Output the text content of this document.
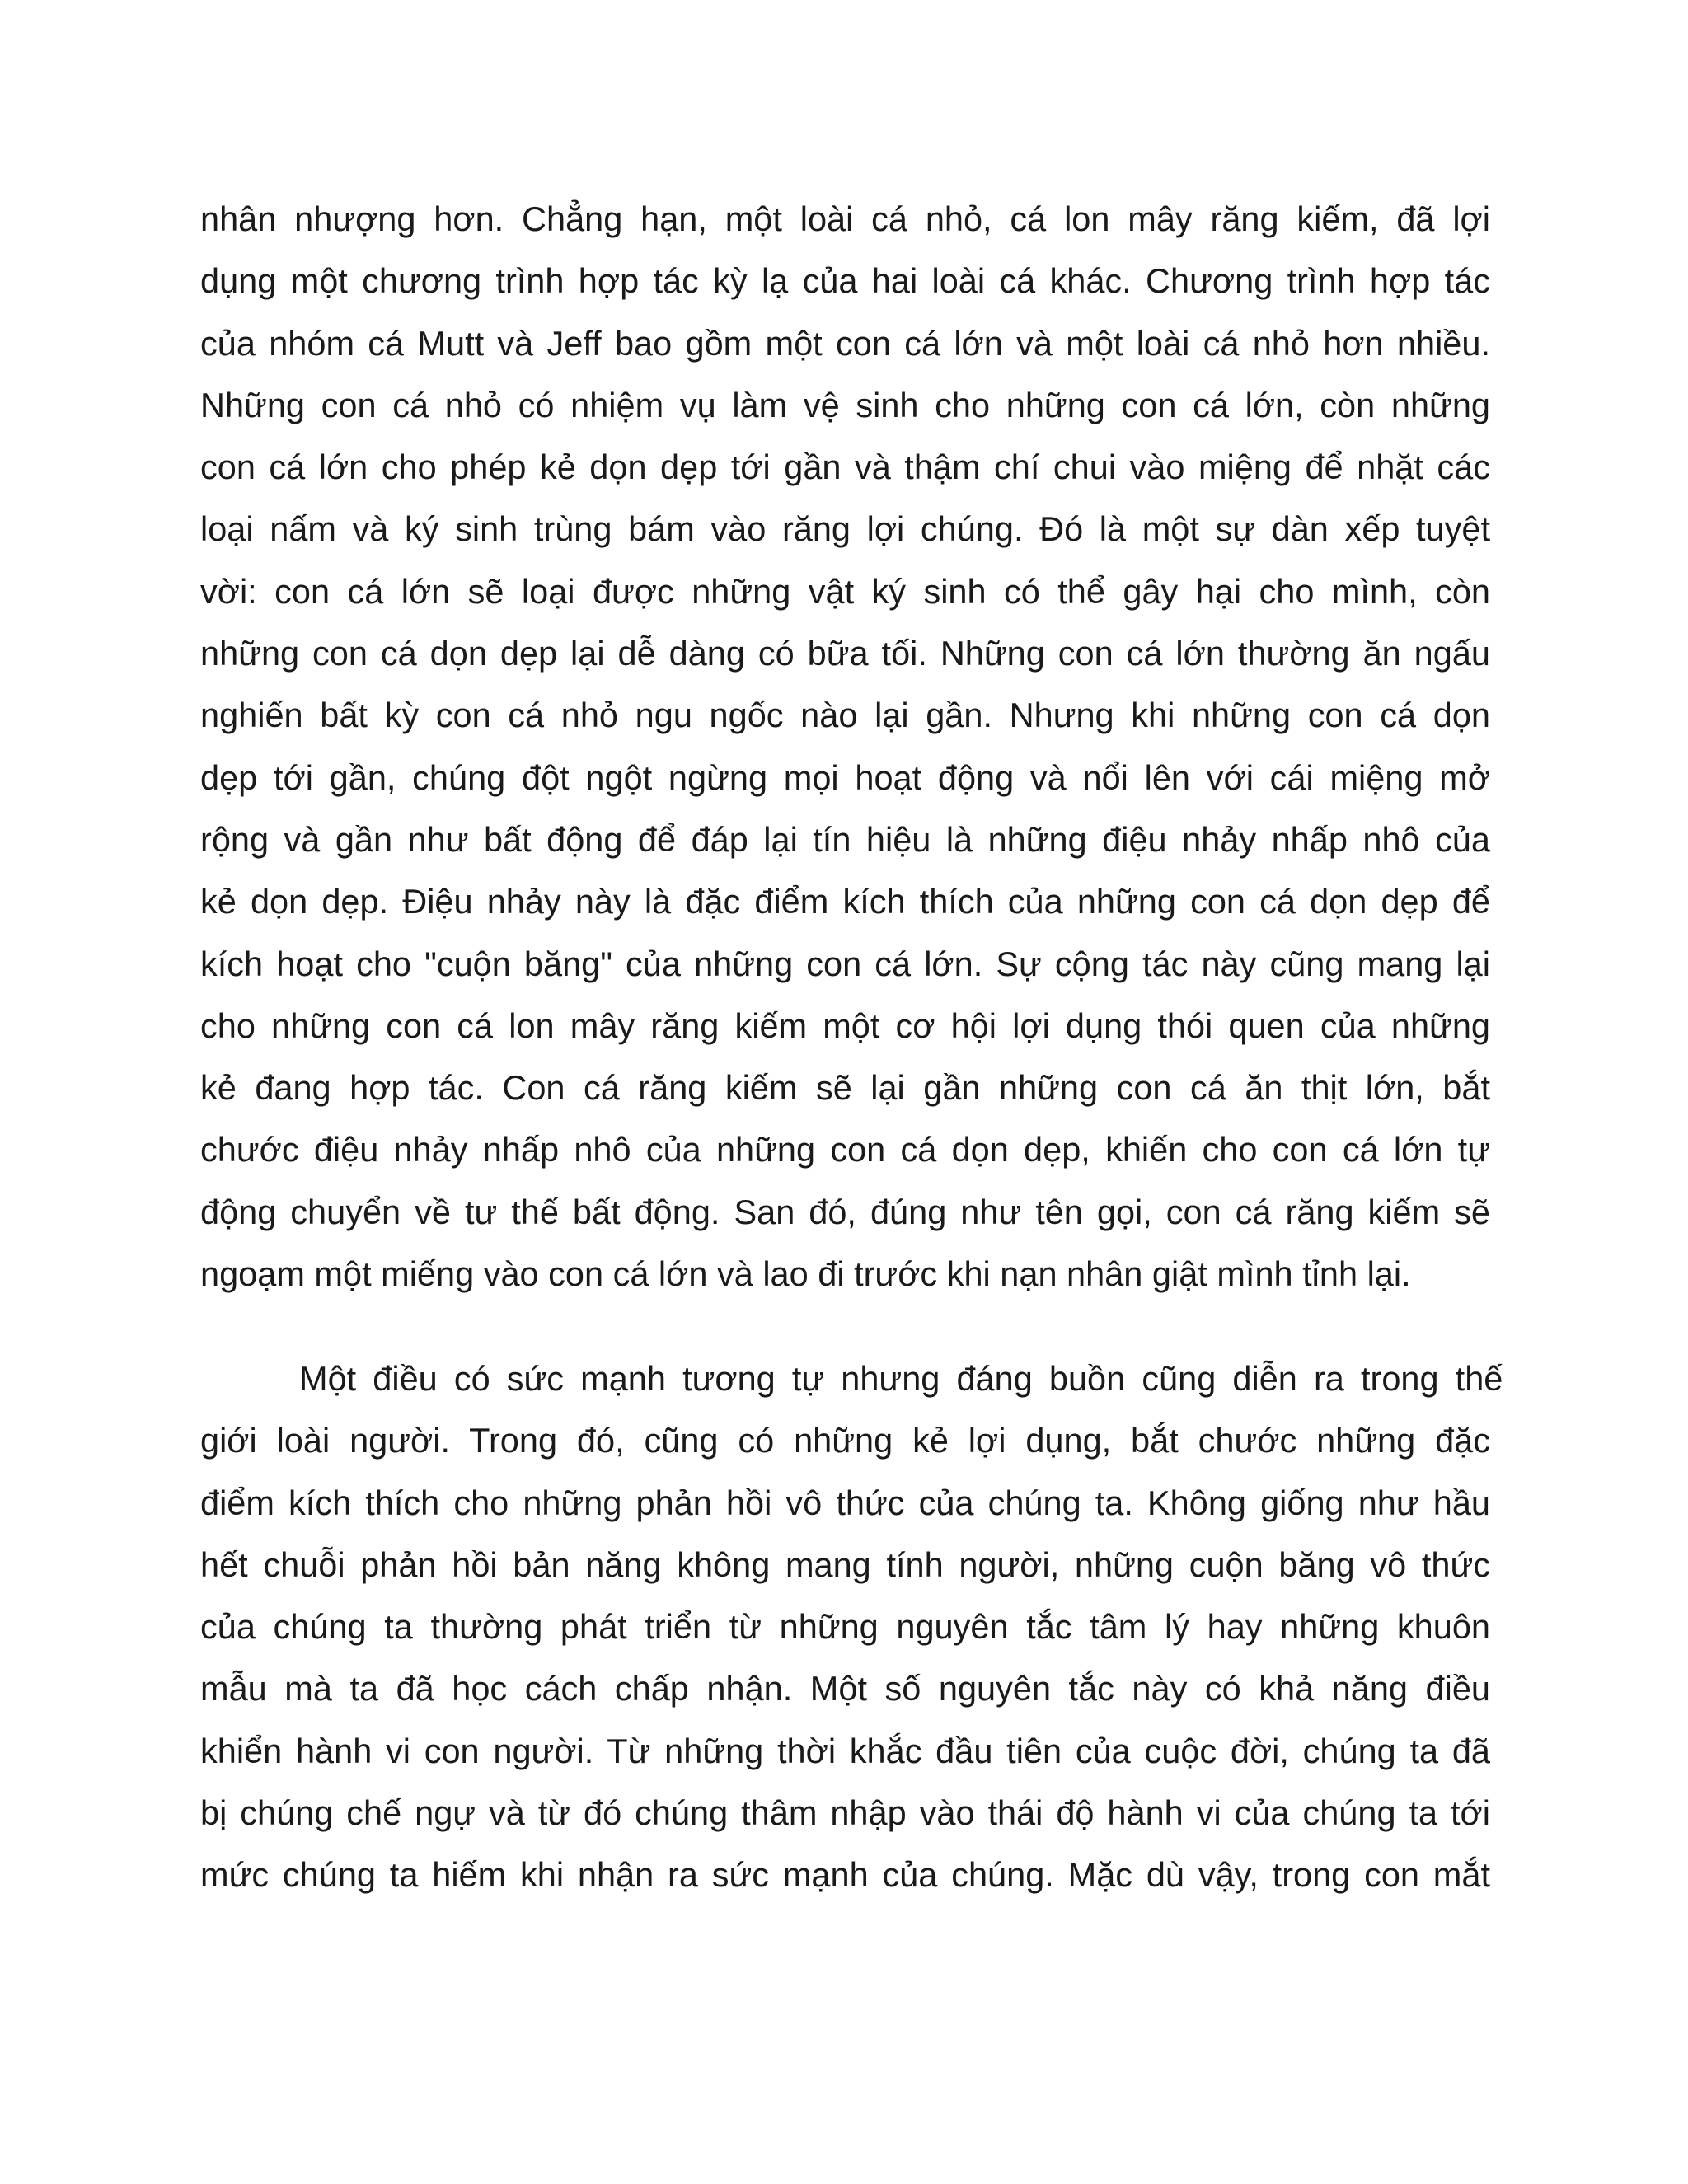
nhân nhượng hơn. Chẳng hạn, một loài cá nhỏ, cá lon mây răng kiếm, đã lợi
dụng một chương trình hợp tác kỳ lạ của hai loài cá khác. Chương trình hợp tác
của nhóm cá Mutt và Jeff bao gồm một con cá lớn và một loài cá nhỏ hơn nhiều.
Những con cá nhỏ có nhiệm vụ làm vệ sinh cho những con cá lớn, còn những
con cá lớn cho phép kẻ dọn dẹp tới gần và thậm chí chui vào miệng để nhặt các
loại nấm và ký sinh trùng bám vào răng lợi chúng. Đó là một sự dàn xếp tuyệt
vời: con cá lớn sẽ loại được những vật ký sinh có thể gây hại cho mình, còn
những con cá dọn dẹp lại dễ dàng có bữa tối. Những con cá lớn thường ăn ngấu
nghiến bất kỳ con cá nhỏ ngu ngốc nào lại gần. Nhưng khi những con cá dọn
dẹp tới gần, chúng đột ngột ngừng mọi hoạt động và nổi lên với cái miệng mở
rộng và gần như bất động để đáp lại tín hiệu là những điệu nhảy nhấp nhô của
kẻ dọn dẹp. Điệu nhảy này là đặc điểm kích thích của những con cá dọn dẹp để
kích hoạt cho "cuộn băng" của những con cá lớn. Sự cộng tác này cũng mang lại
cho những con cá lon mây răng kiếm một cơ hội lợi dụng thói quen của những
kẻ đang hợp tác. Con cá răng kiếm sẽ lại gần những con cá ăn thịt lớn, bắt
chước điệu nhảy nhấp nhô của những con cá dọn dẹp, khiến cho con cá lớn tự
động chuyển về tư thế bất động. San đó, đúng như tên gọi, con cá răng kiếm sẽ
ngoạm một miếng vào con cá lớn và lao đi trước khi nạn nhân giật mình tỉnh lại.
Một điều có sức mạnh tương tự nhưng đáng buồn cũng diễn ra trong thế
giới loài người. Trong đó, cũng có những kẻ lợi dụng, bắt chước những đặc
điểm kích thích cho những phản hồi vô thức của chúng ta. Không giống như hầu
hết chuỗi phản hồi bản năng không mang tính người, những cuộn băng vô thức
của chúng ta thường phát triển từ những nguyên tắc tâm lý hay những khuôn
mẫu mà ta đã học cách chấp nhận. Một số nguyên tắc này có khả năng điều
khiển hành vi con người. Từ những thời khắc đầu tiên của cuộc đời, chúng ta đã
bị chúng chế ngự và từ đó chúng thâm nhập vào thái độ hành vi của chúng ta tới
mức chúng ta hiếm khi nhận ra sức mạnh của chúng. Mặc dù vậy, trong con mắt
